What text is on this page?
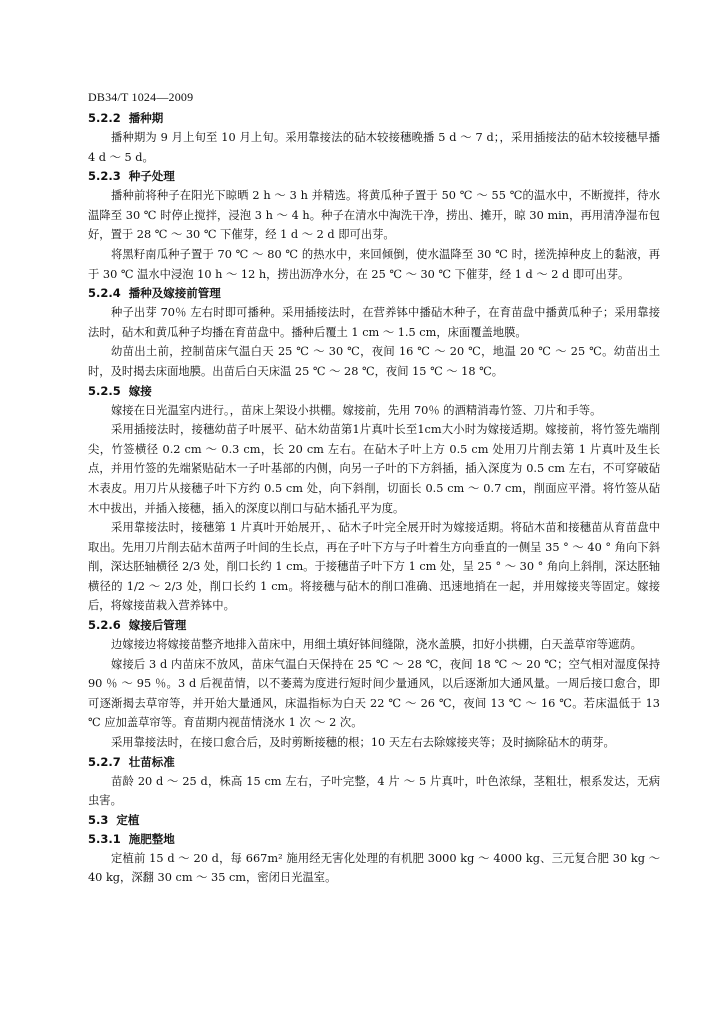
DB34/T 1024—2009

5.2.2 播种期

播种期为 9 月上旬至 10 月上旬。采用靠接法的砧木较接穗晚播 5 d ～ 7 d；，采用插接法的砧木较接穗早播 4 d ～ 5 d。

5.2.3 种子处理

播种前将种子在阳光下晾晒 2 h ～ 3 h 并精选。将黄瓜种子置于 50 ℃ ～ 55 ℃的温水中，不断搅拌，待水温降至 30 ℃ 时停止搅拌，浸泡 3 h ～ 4 h。种子在清水中淘洗干净，捞出、摊开，晾 30 min，再用清净湿布包好，置于 28 ℃ ～ 30 ℃ 下催芽，经 1 d ～ 2 d 即可出芽。

将黑籽南瓜种子置于 70 ℃ ～ 80 ℃ 的热水中，来回倾倒，使水温降至 30 ℃ 时，搓洗掉种皮上的黏液，再于 30 ℃ 温水中浸泡 10 h ～ 12 h，捞出沥净水分，在 25 ℃ ～ 30 ℃ 下催芽，经 1 d ～ 2 d 即可出芽。

5.2.4 播种及嫁接前管理

种子出芽 70％ 左右时即可播种。采用插接法时，在营养钵中播砧木种子，在育苗盘中播黄瓜种子；采用靠接法时，砧木和黄瓜种子均播在育苗盘中。播种后覆土 1 cm ～ 1.5 cm，床面覆盖地膜。

幼苗出土前，控制苗床气温白天 25 ℃ ～ 30 ℃，夜间 16 ℃ ～ 20 ℃，地温 20 ℃ ～ 25 ℃。幼苗出土时，及时揭去床面地膜。出苗后白天床温 25 ℃ ～ 28 ℃，夜间 15 ℃ ～ 18 ℃。

5.2.5 嫁接

嫁接在日光温室内进行。，苗床上架设小拱棚。嫁接前，先用 70％ 的酒精消毒竹签、刀片和手等。

采用插接法时，接穗幼苗子叶展平、砧木幼苗第1片真叶长至1cm大小时为嫁接适期。嫁接前，将竹签先端削尖，竹签横径 0.2 cm ～ 0.3 cm，长 20 cm 左右。在砧木子叶上方 0.5 cm 处用刀片削去第 1 片真叶及生长点，并用竹签的先端紧贴砧木一子叶基部的内侧，向另一子叶的下方斜插，插入深度为 0.5 cm 左右，不可穿破砧木表皮。用刀片从接穗子叶下方约 0.5 cm 处，向下斜削，切面长 0.5 cm ～ 0.7 cm，削面应平滑。将竹签从砧木中拔出，并插入接穗，插入的深度以削口与砧木插孔平为度。

采用靠接法时，接穗第 1 片真叶开始展开，、砧木子叶完全展开时为嫁接适期。将砧木苗和接穗苗从育苗盘中取出。先用刀片削去砧木苗两子叶间的生长点，再在子叶下方与子叶着生方向垂直的一侧呈 35 ° ～ 40 ° 角向下斜削，深达胚轴横径 2/3 处，削口长约 1 cm。于接穗苗子叶下方 1 cm 处，呈 25 ° ～ 30 ° 角向上斜削，深达胚轴横径的 1/2 ～ 2/3 处，削口长约 1 cm。将接穗与砧木的削口准确、迅速地捎在一起，并用嫁接夹等固定。嫁接后，将嫁接苗栽入营养钵中。

5.2.6 嫁接后管理

边嫁接边将嫁接苗整齐地排入苗床中，用细土填好钵间缝隙，浇水盖膜，扣好小拱棚，白天盖草帘等遮荫。

嫁接后 3 d 内苗床不放风，苗床气温白天保持在 25 ℃ ～ 28 ℃，夜间 18 ℃ ～ 20 ℃；空气相对湿度保持 90 ％ ～ 95 ％。3 d 后视苗情，以不萎蔫为度进行短时间少量通风，以后逐渐加大通风量。一周后接口愈合，即可逐渐揭去草帘等，并开始大量通风，床温指标为白天 22 ℃ ～ 26 ℃，夜间 13 ℃ ～ 16 ℃。若床温低于 13 ℃ 应加盖草帘等。育苗期内视苗情浇水 1 次 ～ 2 次。

采用靠接法时，在接口愈合后，及时剪断接穗的根；10 天左右去除嫁接夹等；及时摘除砧木的萌芽。

5.2.7 壮苗标准

苗龄 20 d ～ 25 d，株高 15 cm 左右，子叶完整，4 片 ～ 5 片真叶，叶色浓绿，茎粗壮，根系发达，无病虫害。

5.3 定植

5.3.1 施肥整地

定植前 15 d ～ 20 d，每 667m² 施用经无害化处理的有机肥 3000 kg ～ 4000 kg、三元复合肥 30 kg ～ 40 kg，深翻 30 cm ～ 35 cm，密闭日光温室。
